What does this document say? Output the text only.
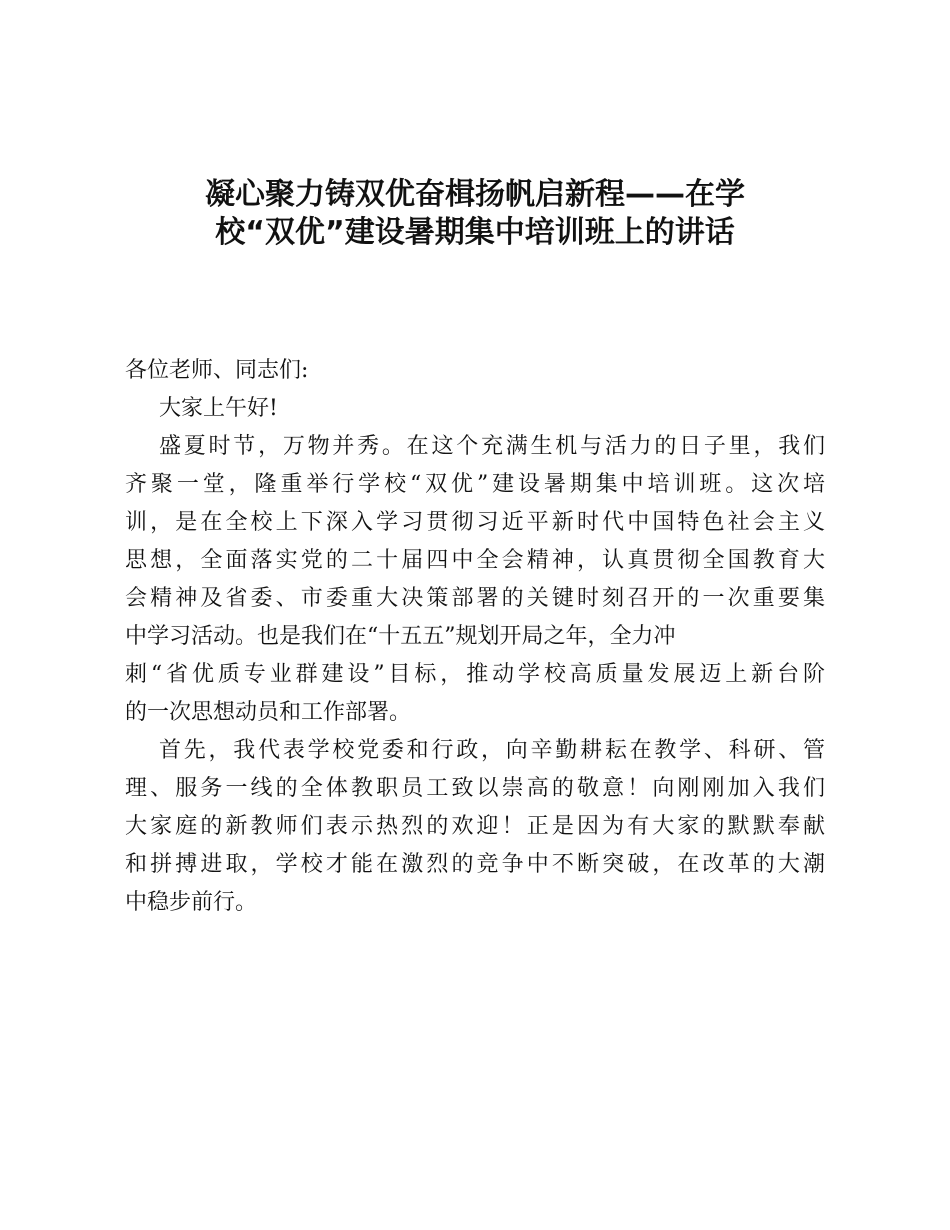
凝心聚力铸双优奋楫扬帆启新程——在学
校“双优”建设暑期集中培训班上的讲话
各位老师、同志们:
大家上午好!
盛夏时节，万物并秀。在这个充满生机与活力的日子里，我们
齐聚一堂，隆重举行学校“双优”建设暑期集中培训班。这次培
训，是在全校上下深入学习贯彻习近平新时代中国特色社会主义
思想，全面落实党的二十届四中全会精神，认真贯彻全国教育大
会精神及省委、市委重大决策部署的关键时刻召开的一次重要集
中学习活动。也是我们在“十五五”规划开局之年，全力冲
刺“省优质专业群建设”目标，推动学校高质量发展迈上新台阶
的一次思想动员和工作部署。
首先，我代表学校党委和行政，向辛勤耕耘在教学、科研、管
理、服务一线的全体教职员工致以崇高的敬意！向刚刚加入我们
大家庭的新教师们表示热烈的欢迎！正是因为有大家的默默奉献
和拼搏进取，学校才能在激烈的竞争中不断突破，在改革的大潮
中稳步前行。
